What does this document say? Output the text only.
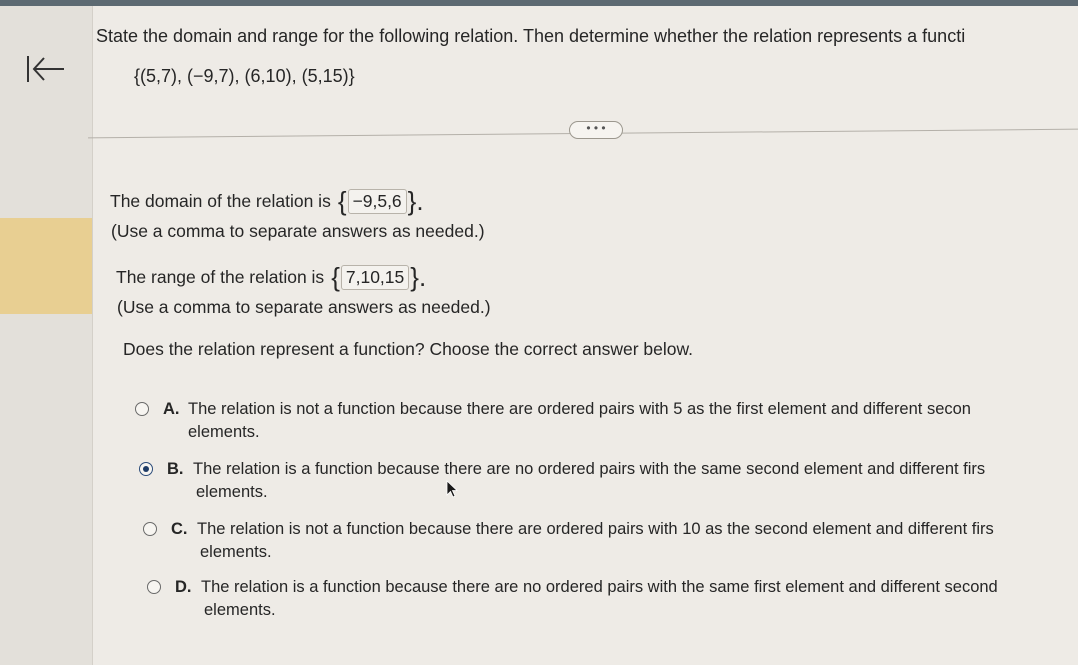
State the domain and range for the following relation. Then determine whether the relation represents a functi
{(5,7), (−9,7), (6,10), (5,15)}
• • •
The domain of the relation is { −9,5,6 }.
(Use a comma to separate answers as needed.)
The range of the relation is { 7,10,15 }.
(Use a comma to separate answers as needed.)
Does the relation represent a function? Choose the correct answer below.
A. The relation is not a function because there are ordered pairs with 5 as the first element and different secon
elements.
B. The relation is a function because there are no ordered pairs with the same second element and different firs
elements.
C. The relation is not a function because there are ordered pairs with 10 as the second element and different firs
elements.
D. The relation is a function because there are no ordered pairs with the same first element and different second
elements.
